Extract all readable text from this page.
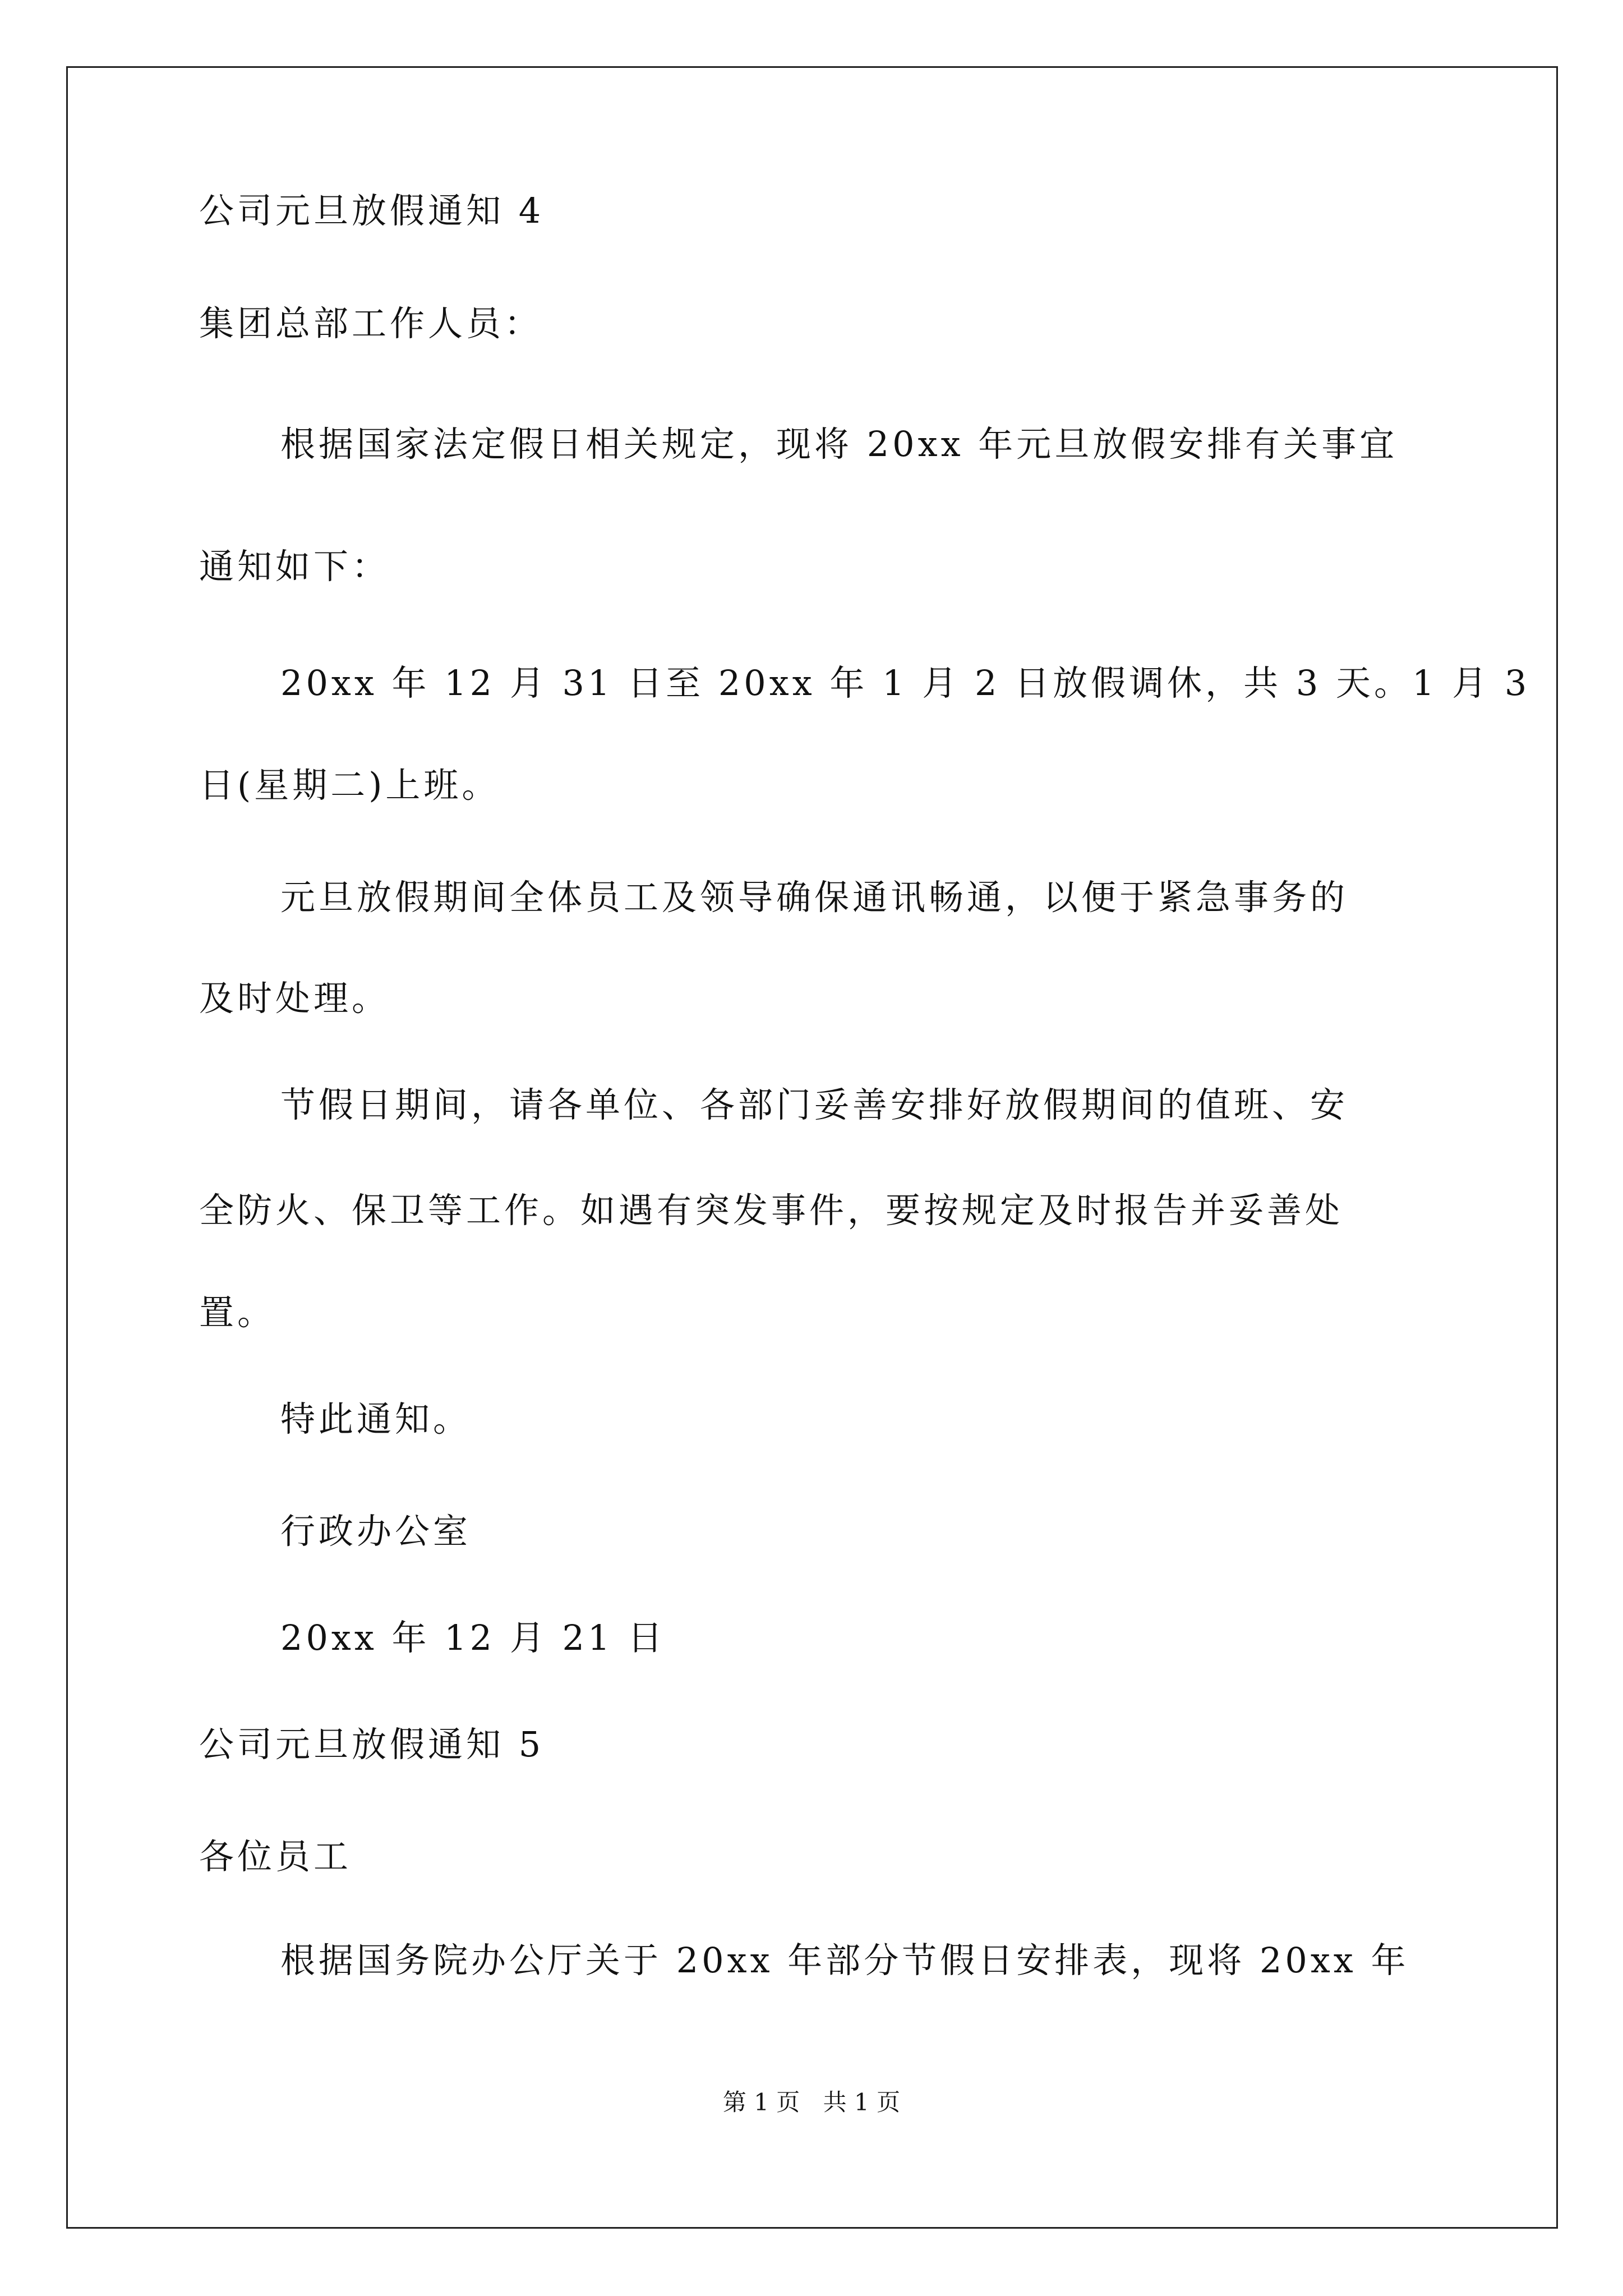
公司元旦放假通知 4
集团总部工作人员：
根据国家法定假日相关规定，现将 20xx 年元旦放假安排有关事宜
通知如下：
20xx 年 12 月 31 日至 20xx 年 1 月 2 日放假调休，共 3 天。1 月 3
日(星期二)上班。
元旦放假期间全体员工及领导确保通讯畅通，以便于紧急事务的
及时处理。
节假日期间，请各单位、各部门妥善安排好放假期间的值班、安
全防火、保卫等工作。如遇有突发事件，要按规定及时报告并妥善处
置。
特此通知。
行政办公室
20xx 年 12 月 21 日
公司元旦放假通知 5
各位员工
根据国务院办公厅关于 20xx 年部分节假日安排表，现将 20xx 年
第 1 页 共 1 页
